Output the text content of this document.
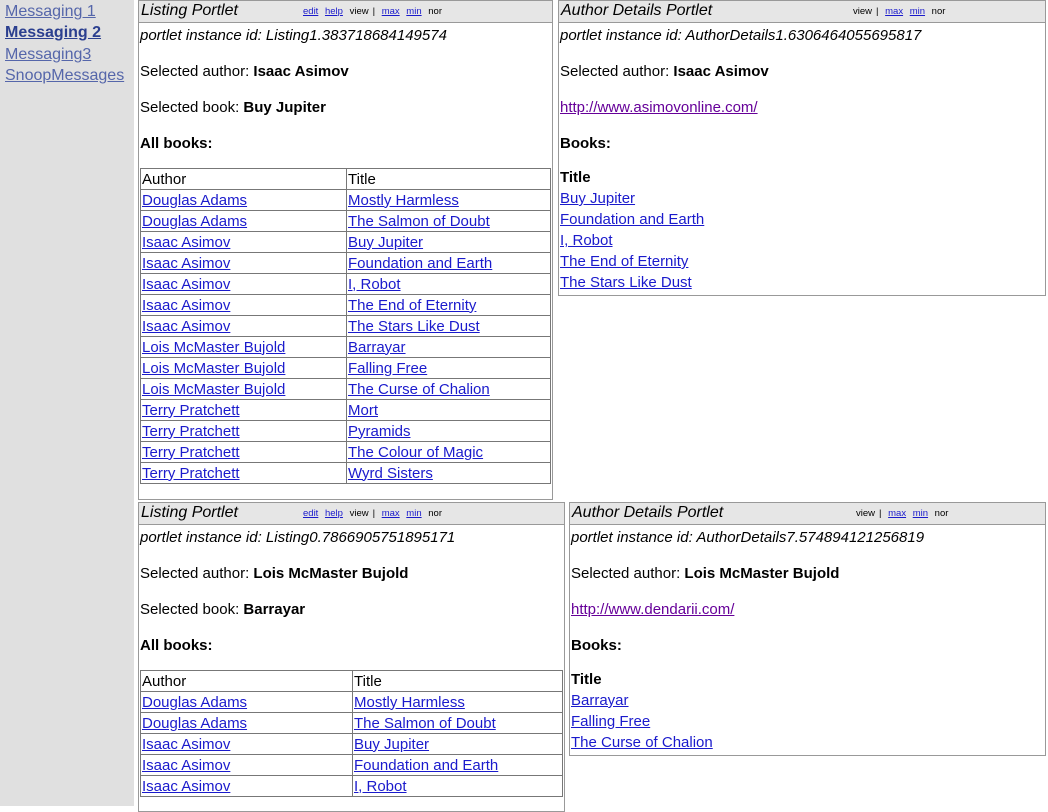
Messaging 1
Messaging 2
Messaging3
SnoopMessages
Listing Portlet	edit help view | max min nor

portlet instance id: Listing1.383718684149574

Selected author: Isaac Asimov

Selected book: Buy Jupiter

All books:

Author	Title
Douglas Adams	Mostly Harmless
Douglas Adams	The Salmon of Doubt
Isaac Asimov	Buy Jupiter
Isaac Asimov	Foundation and Earth
Isaac Asimov	I, Robot
Isaac Asimov	The End of Eternity
Isaac Asimov	The Stars Like Dust
Lois McMaster Bujold	Barrayar
Lois McMaster Bujold	Falling Free
Lois McMaster Bujold	The Curse of Chalion
Terry Pratchett	Mort
Terry Pratchett	Pyramids
Terry Pratchett	The Colour of Magic
Terry Pratchett	Wyrd Sisters
Author Details Portlet	view | max min nor

portlet instance id: AuthorDetails1.6306464055695817

Selected author: Isaac Asimov

http://www.asimovonline.com/

Books:

Title
Buy Jupiter
Foundation and Earth
I, Robot
The End of Eternity
The Stars Like Dust
Listing Portlet	edit help view | max min nor

portlet instance id: Listing0.7866905751895171

Selected author: Lois McMaster Bujold

Selected book: Barrayar

All books:

Author	Title
Douglas Adams	Mostly Harmless
Douglas Adams	The Salmon of Doubt
Isaac Asimov	Buy Jupiter
Isaac Asimov	Foundation and Earth
Isaac Asimov	I, Robot
Author Details Portlet	view | max min nor

portlet instance id: AuthorDetails7.574894121256819

Selected author: Lois McMaster Bujold

http://www.dendarii.com/

Books:

Title
Barrayar
Falling Free
The Curse of Chalion
